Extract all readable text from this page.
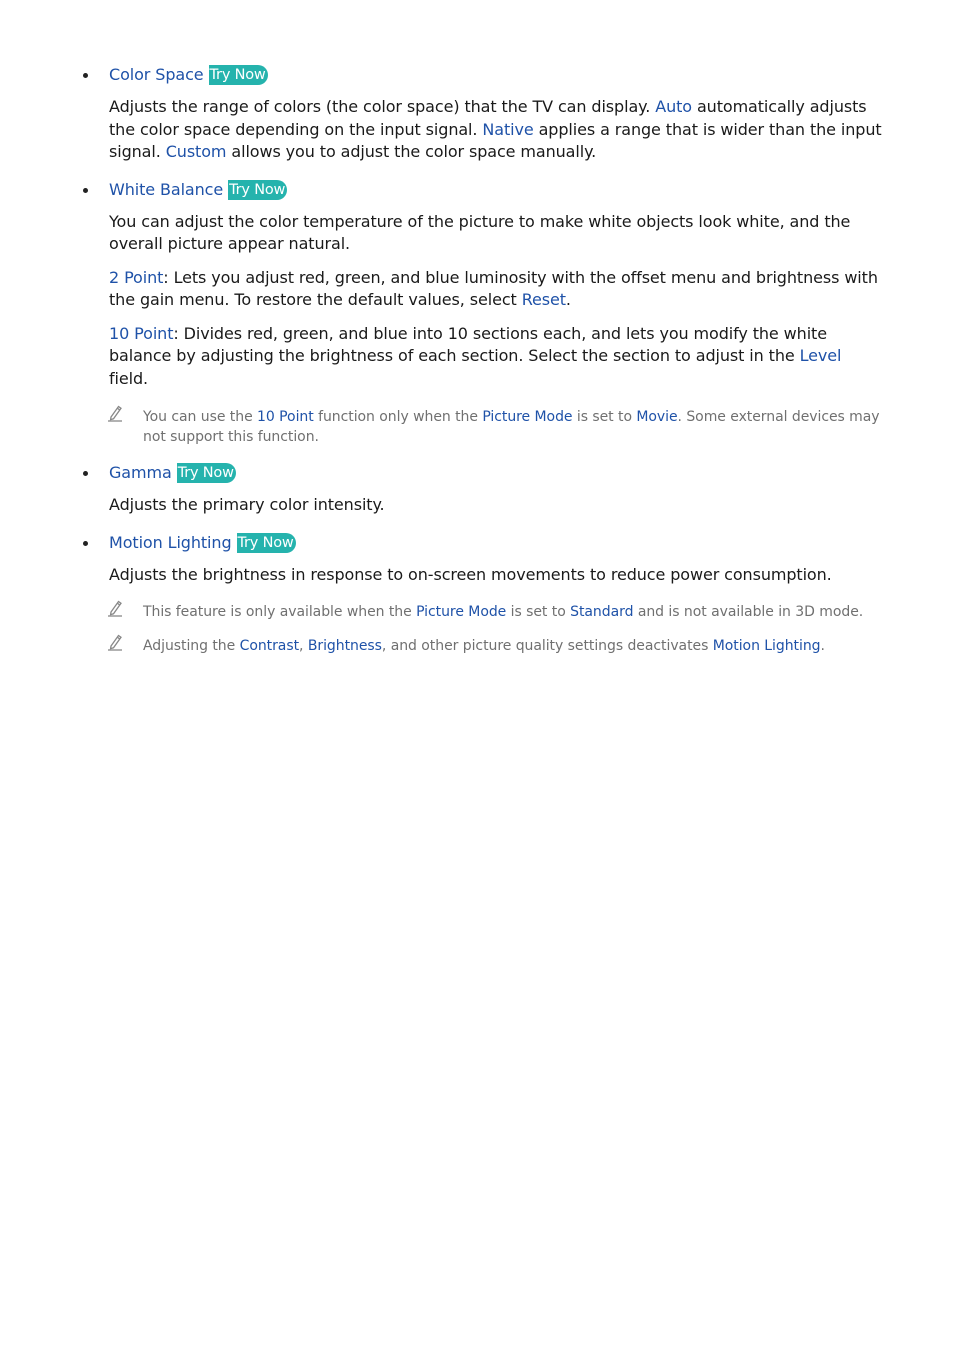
Color Space Try Now

Adjusts the range of colors (the color space) that the TV can display. Auto automatically adjusts the color space depending on the input signal. Native applies a range that is wider than the input signal. Custom allows you to adjust the color space manually.

White Balance Try Now

You can adjust the color temperature of the picture to make white objects look white, and the overall picture appear natural.

2 Point: Lets you adjust red, green, and blue luminosity with the offset menu and brightness with the gain menu. To restore the default values, select Reset.

10 Point: Divides red, green, and blue into 10 sections each, and lets you modify the white balance by adjusting the brightness of each section. Select the section to adjust in the Level field.

You can use the 10 Point function only when the Picture Mode is set to Movie. Some external devices may not support this function.
Gamma Try Now

Adjusts the primary color intensity.

Motion Lighting Try Now

Adjusts the brightness in response to on-screen movements to reduce power consumption.

This feature is only available when the Picture Mode is set to Standard and is not available in 3D mode.
Adjusting the Contrast, Brightness, and other picture quality settings deactivates Motion Lighting.
